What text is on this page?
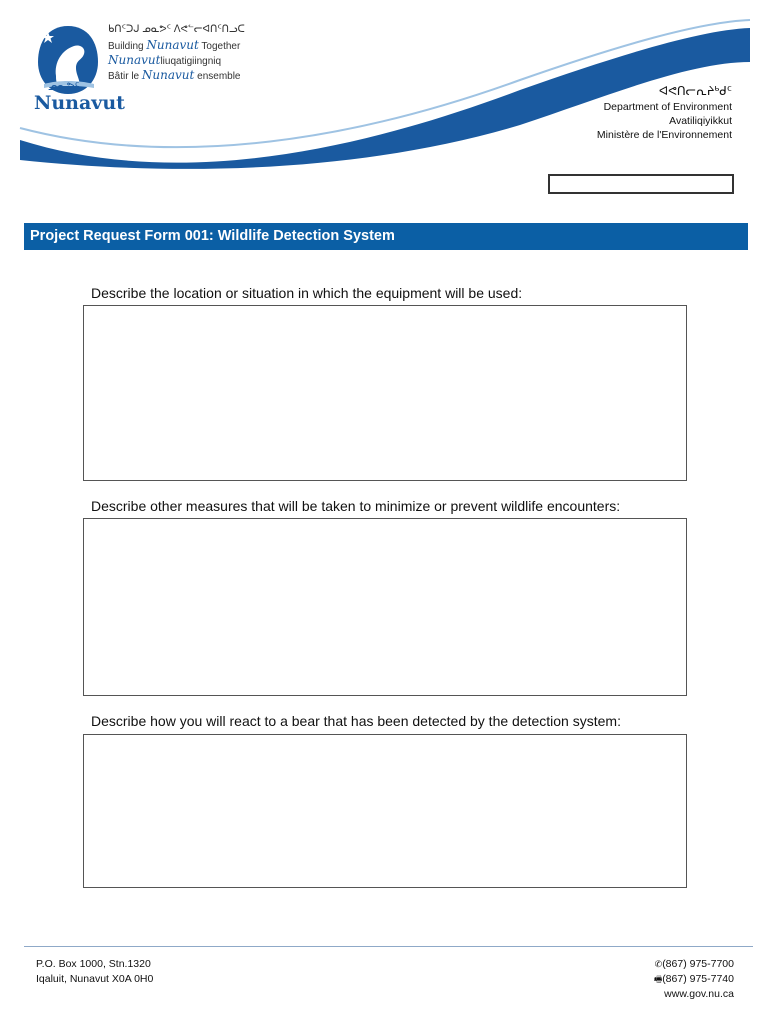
ᑲᑎᑦᑐᒍ ᓄᓇᕗᑦ ᐱᕙᓪᓕᐊᑎᑦᑎᓗᑕ
Building Nunavut Together
Nunavutliuqatigiingniq
Bâtir le Nunavut ensemble
ᓄᓇᕗᑦ
Nunavut
ᐊᕙᑎᓕᕆᔨᒃᑯᑦ
Department of Environment
Avatiliqiyikkut
Ministère de l'Environnement
Project Request Form 001: Wildlife Detection System
Describe the location or situation in which the equipment will be used:
Describe other measures that will be taken to minimize or prevent wildlife encounters:
Describe how you will react to a bear that has been detected by the detection system:
P.O. Box 1000, Stn.1320
Iqaluit, Nunavut X0A 0H0
✆(867) 975-7700
🖷(867) 975-7740
www.gov.nu.ca
